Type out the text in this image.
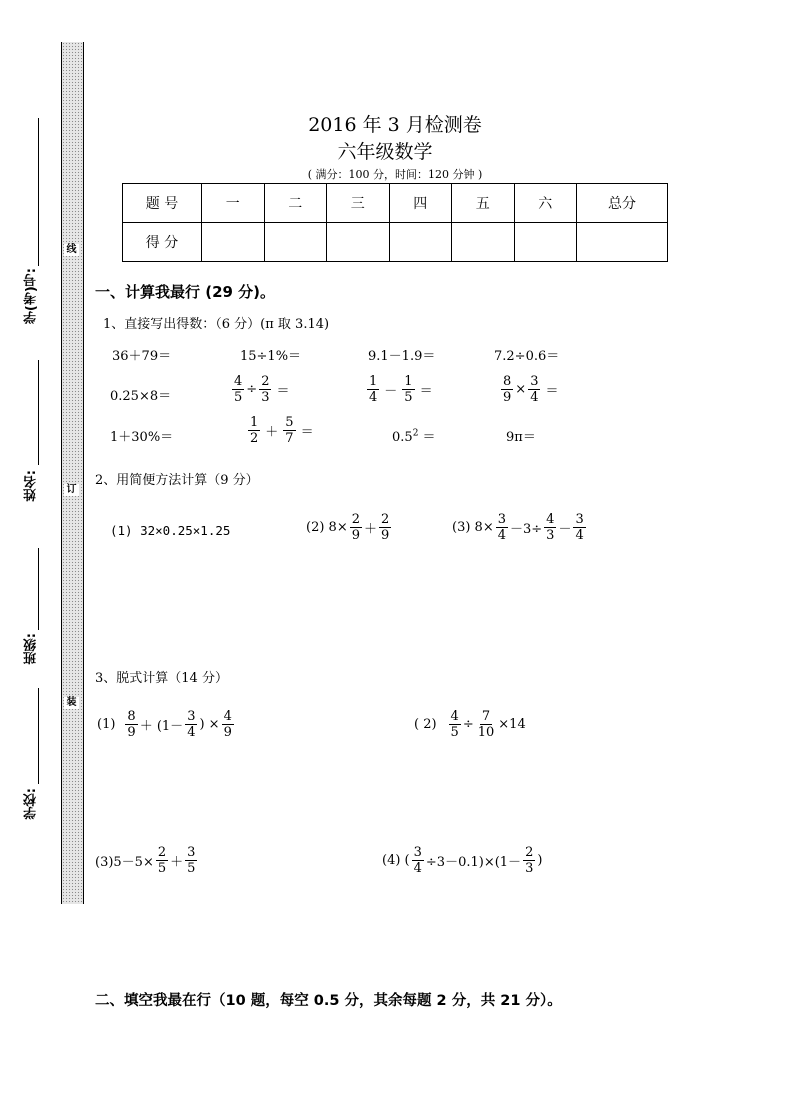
学(考)号:
姓名:
班级:
学校:
线
订
装
2016 年 3 月检测卷
六年级数学
( 满分：100 分，时间：120 分钟 )
题 号	一	二	三	四	五	六	总分
得 分							
一、计算我最行 (29 分)。
1、直接写出得数：（6 分）(π 取 3.14)
36＋79＝	15÷1%＝	9.1－1.9＝	7.2÷0.6＝
0.25×8＝	$\frac{4}{5} \div \frac{2}{3}$ ＝	$\frac{1}{4} - \frac{1}{5}$ ＝	$\frac{8}{9} \times \frac{3}{4}$ ＝
1＋30%＝	$\frac{1}{2} + \frac{5}{7}$ ＝	$0.5^2$ ＝	9π＝
2、用简便方法计算（9 分）
(1) 32×0.25×1.25	(2) $8\times \frac{2}{9} + \frac{2}{9}$	(3) $8\times \frac{3}{4} -3\div \frac{4}{3} - \frac{3}{4}$
3、脱式计算（14 分）
$(1) \frac{8}{9} + (1- \frac{3}{4}$ ) × $\frac{4}{9}$	( $2) \frac{4}{5} \div \frac{7}{10} \times 14$
$(3)5-5\times \frac{2}{5} + \frac{3}{5}$	(4) ( $\frac{3}{4} \div 3-0.1)\times(1- \frac{2}{3}$ )
二、填空我最在行（10 题，每空 0.5 分，其余每题 2 分，共 21 分）。
